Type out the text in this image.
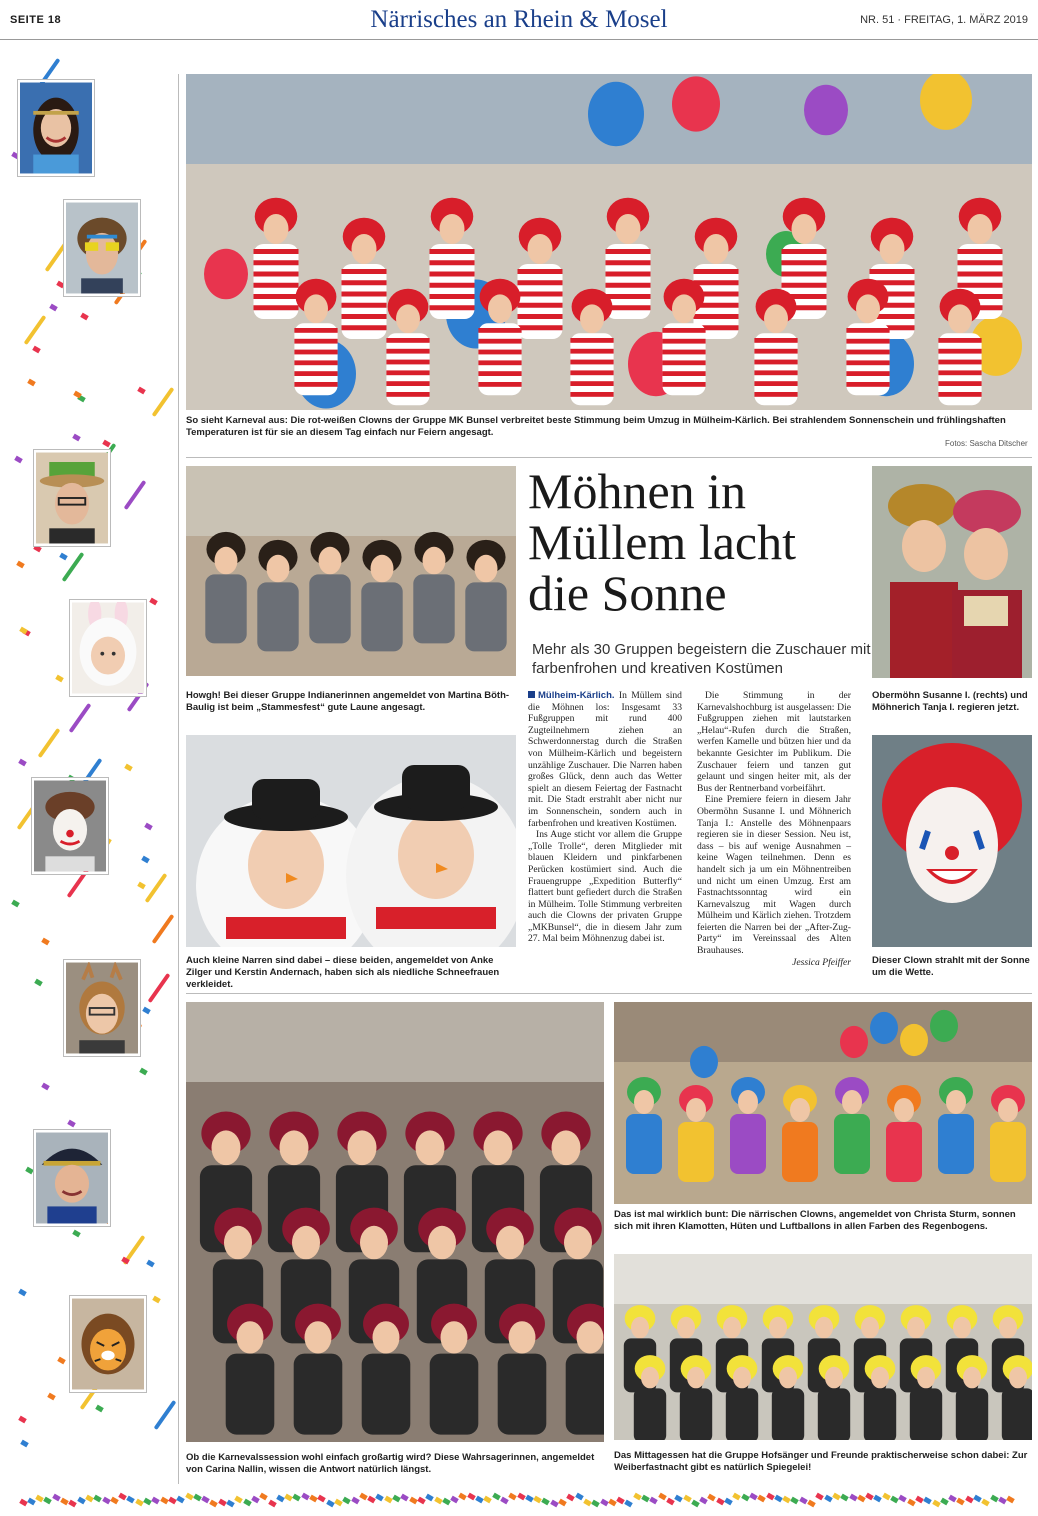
SEITE 18	Närrisches an Rhein & Mosel	NR. 51 · FREITAG, 1. MÄRZ 2019
So sieht Karneval aus: Die rot-weißen Clowns der Gruppe MK Bunsel verbreitet beste Stimmung beim Umzug in Mülheim-Kärlich. Bei strahlendem Sonnenschein und frühlingshaften Temperaturen ist für sie an diesem Tag einfach nur Feiern angesagt.
Fotos: Sascha Ditscher
Howgh! Bei dieser Gruppe Indianerinnen angemeldet von Martina Böth-Baulig ist beim „Stammesfest“ gute Laune angesagt.
Auch kleine Narren sind dabei – diese beiden, angemeldet von Anke Zilger und Kerstin Andernach, haben sich als niedliche Schneefrauen verkleidet.
Möhnen in
Müllem lacht
die Sonne
Mehr als 30 Gruppen begeistern die Zuschauer mit farbenfrohen und kreativen Kostümen

Mülheim-Kärlich. In Müllem sind die Möhnen los: Insgesamt 33 Fußgruppen mit rund 400 Zugteilnehmern ziehen an Schwerdonnerstag durch die Straßen von Mülheim-Kärlich und begeistern unzählige Zuschauer. Die Narren haben großes Glück, denn auch das Wetter spielt an diesem Feiertag der Fastnacht mit. Die Stadt erstrahlt aber nicht nur im Sonnenschein, sondern auch in farbenfrohen und kreativen Kostümen.

Ins Auge sticht vor allem die Gruppe „Tolle Trolle“, deren Mitglieder mit blauen Kleidern und pinkfarbenen Perücken kostümiert sind. Auch die Frauengruppe „Expedition Butterfly“ flattert bunt gefiedert durch die Straßen in Mülheim. Tolle Stimmung verbreiten auch die Clowns der privaten Gruppe „MKBunsel“, die in diesem Jahr zum 27. Mal beim Möhnenzug dabei ist.

Die Stimmung in der Karnevalshochburg ist ausgelassen: Die Fußgruppen ziehen mit lautstarken „Helau“-Rufen durch die Straßen, werfen Kamelle und bützen hier und da bekannte Gesichter im Publikum. Die Zuschauer feiern und tanzen gut gelaunt und singen heiter mit, als der Bus der Rentnerband vorbeifährt.

Eine Premiere feiern in diesem Jahr Obermöhn Susanne I. und Möhnerich Tanja I.: Anstelle des Möhnenpaars regieren sie in dieser Session. Neu ist, dass – bis auf wenige Ausnahmen – keine Wagen teilnehmen. Denn es handelt sich ja um ein Möhnentreiben und nicht um einen Umzug. Erst am Fastnachtssonntag wird ein Karnevalszug mit Wagen durch Mülheim und Kärlich ziehen. Trotzdem feierten die Narren bei der „After-Zug-Party“ im Vereinssaal des Alten Brauhauses.

Jessica Pfeiffer
Obermöhn Susanne I. (rechts) und Möhnerich Tanja I. regieren jetzt.
Dieser Clown strahlt mit der Sonne um die Wette.
Ob die Karnevalssession wohl einfach großartig wird? Diese Wahrsagerinnen, angemeldet von Carina Nallin, wissen die Antwort natürlich längst.
Das ist mal wirklich bunt: Die närrischen Clowns, angemeldet von Christa Sturm, sonnen sich mit ihren Klamotten, Hüten und Luftballons in allen Farben des Regenbogens.
Das Mittagessen hat die Gruppe Hofsänger und Freunde praktischerweise schon dabei: Zur Weiberfastnacht gibt es natürlich Spiegelei!
